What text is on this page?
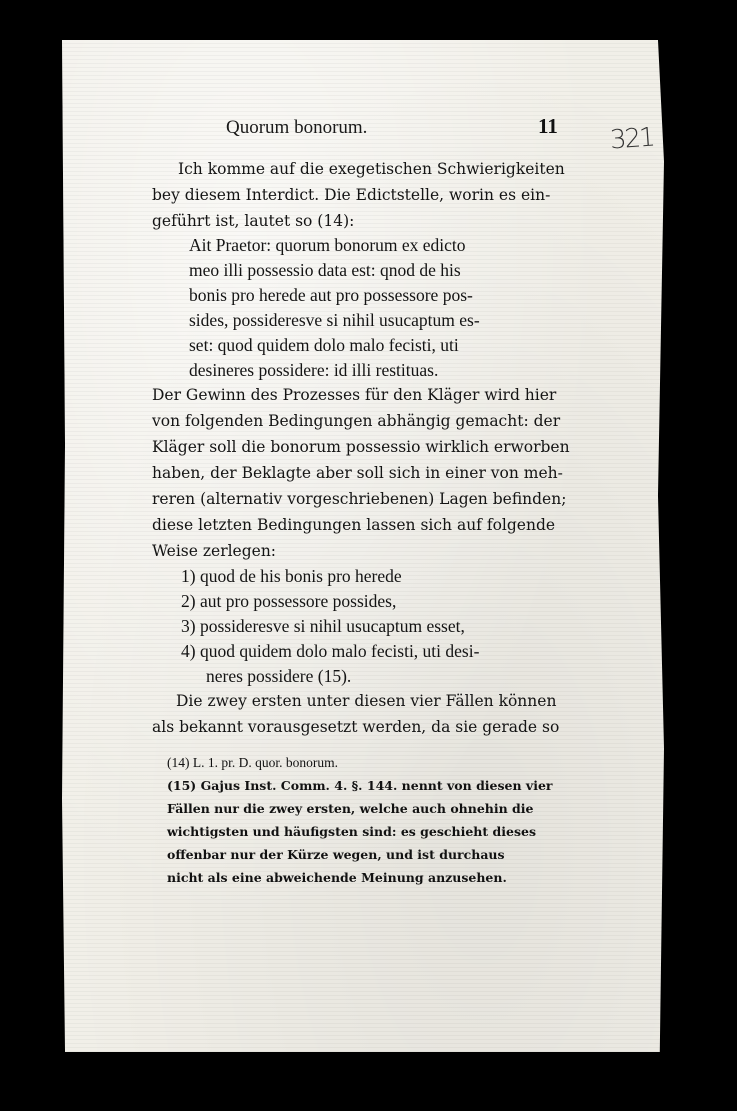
Quorum bonorum.	11 321
Ich komme auf die exegetischen Schwierigkeiten
bey diesem Interdict. Die Edictstelle, worin es ein-
geführt ist, lautet so (14):
Ait Praetor: quorum bonorum ex edicto
meo illi possessio data est: qnod de his
bonis pro herede aut pro possessore pos-
sides, possideresve si nihil usucaptum es-
set: quod quidem dolo malo fecisti, uti
desineres possidere: id illi restituas.
Der Gewinn des Prozesses für den Kläger wird hier
von folgenden Bedingungen abhängig gemacht: der
Kläger soll die bonorum possessio wirklich erworben
haben, der Beklagte aber soll sich in einer von meh-
reren (alternativ vorgeschriebenen) Lagen befinden;
diese letzten Bedingungen lassen sich auf folgende
Weise zerlegen:
1) quod de his bonis pro herede
2) aut pro possessore possides,
3) possideresve si nihil usucaptum esset,
4) quod quidem dolo malo fecisti, uti desi-
neres possidere (15).
Die zwey ersten unter diesen vier Fällen können
als bekannt vorausgesetzt werden, da sie gerade so
(14) L. 1. pr. D. quor. bonorum.
(15) Gajus Inst. Comm. 4. §. 144. nennt von diesen vier
Fällen nur die zwey ersten, welche auch ohnehin die
wichtigsten und häufigsten sind: es geschieht dieses
offenbar nur der Kürze wegen, und ist durchaus
nicht als eine abweichende Meinung anzusehen.
